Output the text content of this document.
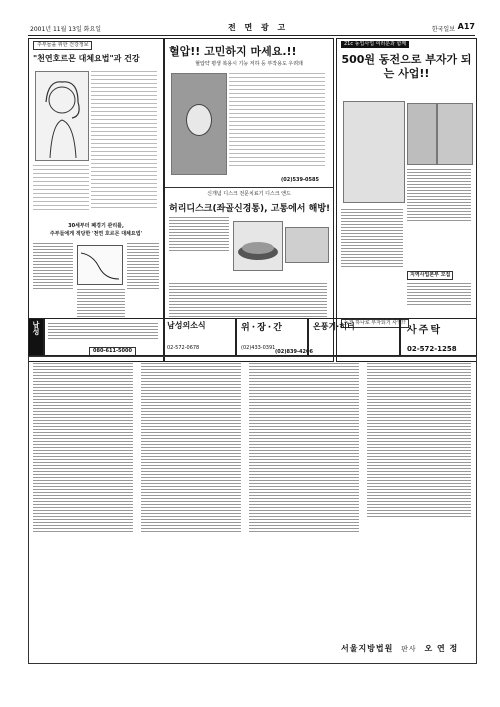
2001년 11월 13일 화요일	전 면 광 고	한국일보 A17
주부들을 위한 건강정보
"천연호르몬 대체요법"과 건강
30세부터 폐경기 관리를,
주부들에게 적당한 '천연 호르몬 대체요법'
080-611-5000
혈압!! 고민하지 마세요.!!
혈압약 평생 복용시 기능 저하 등 부작용도 우려돼
(02)539-0585
신개념 디스크 전문치료기 디스크 앤드
허리디스크(좌골신경통), 고통에서 해방!
(02)839-4206
21c 동업사업 여러분과 함께
500원 동전으로 부자가 되는 사업!!
지역사업본부 모집
동전 하나로 부자되기 사업!!
02-572-1258
남성	남성의소식
02-572-0678
위·장·간
(02)433-0391
온풍기·히터	사주탁
서울지방법원 판사 오 연 정
